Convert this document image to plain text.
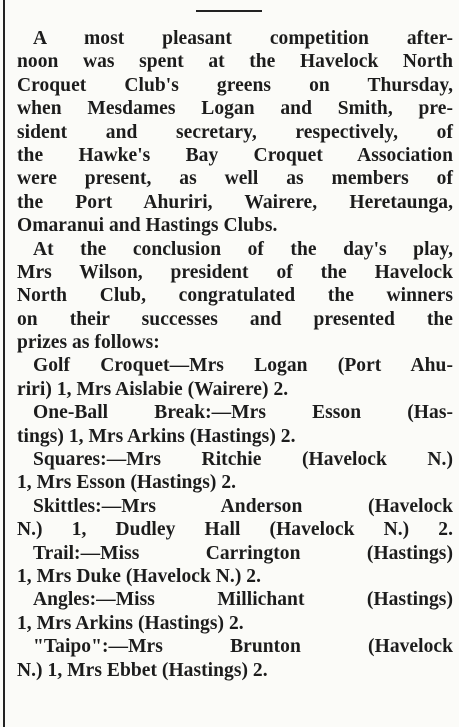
A most pleasant competition after-
noon was spent at the Havelock North
Croquet Club's greens on Thursday,
when Mesdames Logan and Smith, pre-
sident and secretary, respectively, of
the Hawke's Bay Croquet Association
were present, as well as members of
the Port Ahuriri, Wairere, Heretaunga,
Omaranui and Hastings Clubs.
At the conclusion of the day's play,
Mrs Wilson, president of the Havelock
North Club, congratulated the winners
on their successes and presented the
prizes as follows:
Golf Croquet—Mrs Logan (Port Ahu-
riri) 1, Mrs Aislabie (Wairere) 2.
One-Ball Break:—Mrs Esson (Has-
tings) 1, Mrs Arkins (Hastings) 2.
Squares:—Mrs Ritchie (Havelock N.)
1, Mrs Esson (Hastings) 2.
Skittles:—Mrs Anderson (Havelock
N.) 1, Dudley Hall (Havelock N.) 2.
Trail:—Miss Carrington (Hastings)
1, Mrs Duke (Havelock N.) 2.
Angles:—Miss Millichant (Hastings)
1, Mrs Arkins (Hastings) 2.
"Taipo":—Mrs Brunton (Havelock
N.) 1, Mrs Ebbet (Hastings) 2.
